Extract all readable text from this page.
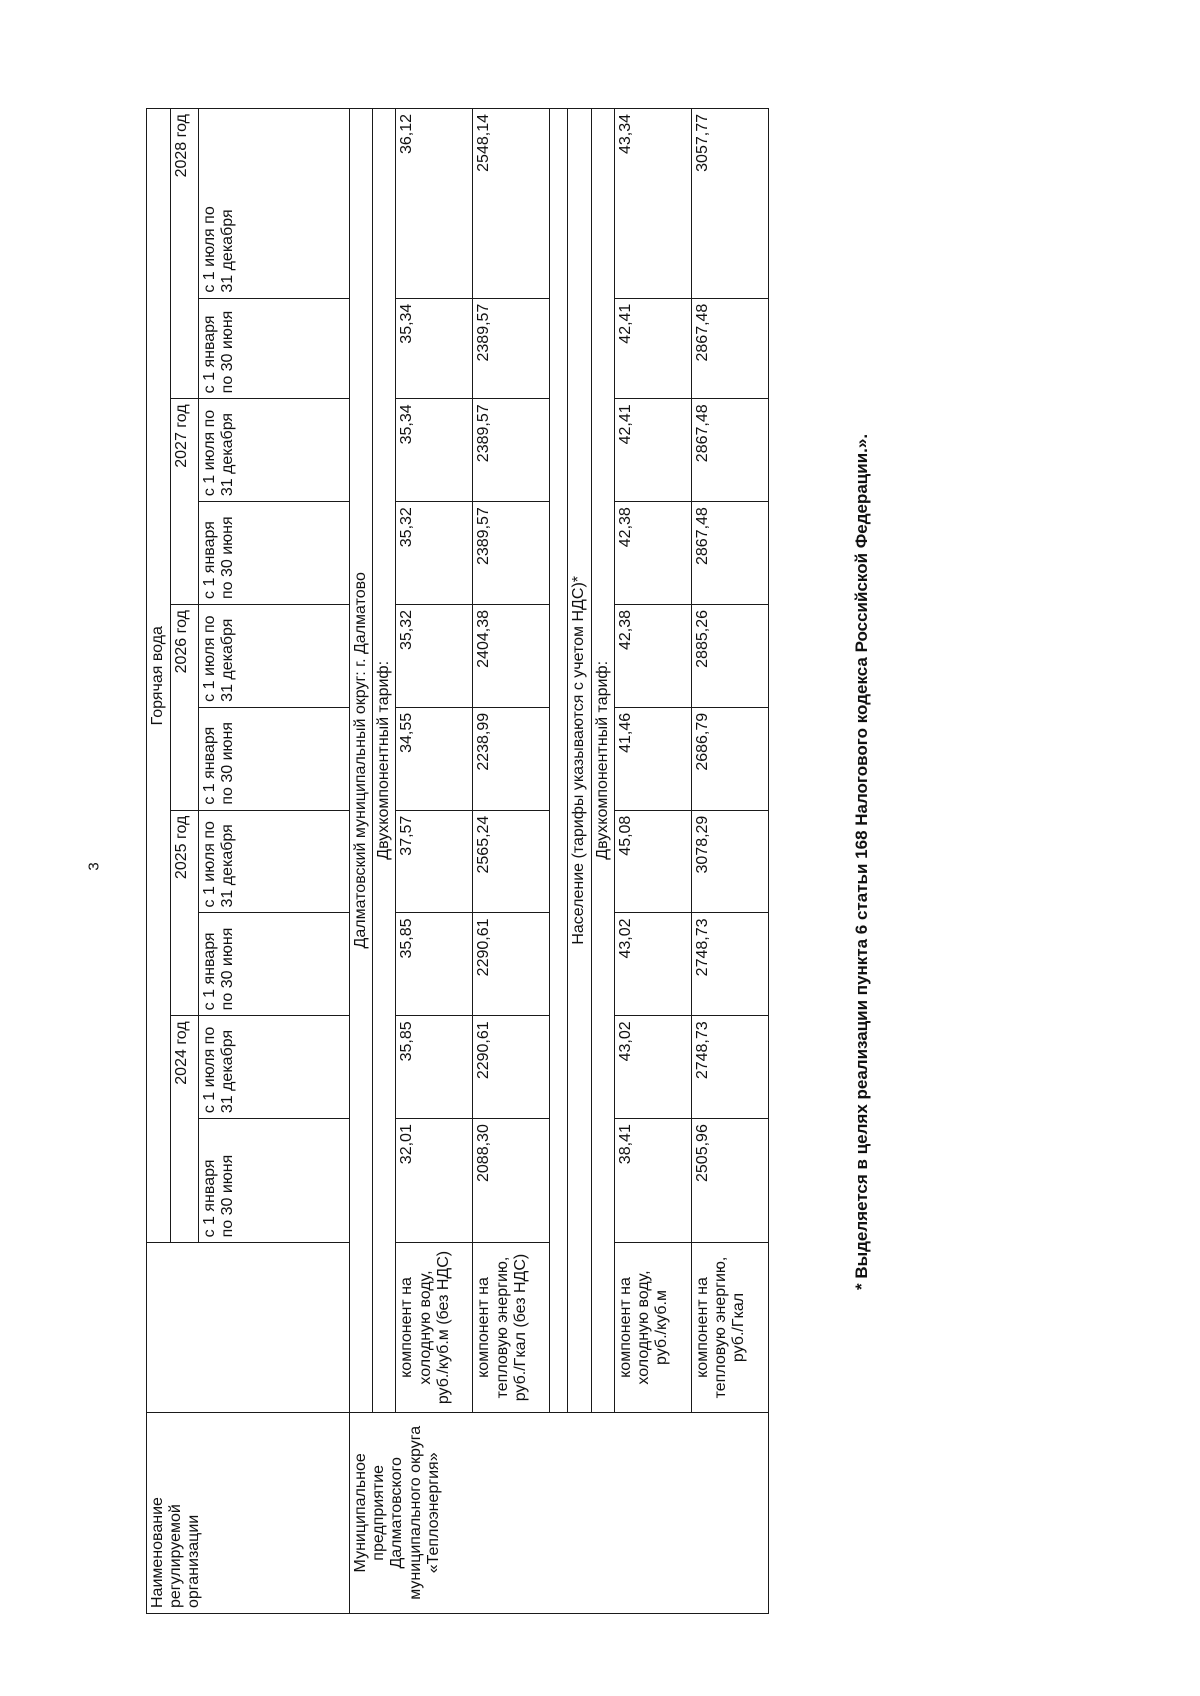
3
Наименование регулируемой организации		Горячая вода									
		2024 год		2025 год		2026 год		2027 год		2028 год	

		с 1 января по 30 июня	с 1 июля по 31 декабря	с 1 января по 30 июня	с 1 июля по 31 декабря	с 1 января по 30 июня	с 1 июля по 31 декабря	с 1 января по 30 июня	с 1 июля по 31 декабря	с 1 января по 30 июня	с 1 июля по 31 декабря

Муниципальное предприятие Далматовского муниципального округа «Теплоэнергия»	Далматовский муниципальный округ: г. Далматово										
	Двухкомпонентный тариф:										

	компонент на холодную воду, руб./куб.м (без НДС)	32,01	35,85	35,85	37,57	34,55	35,32	35,32	35,34	35,34	36,12

	компонент на тепловую энергию, руб./Гкал (без НДС)	2088,30	2290,61	2290,61	2565,24	2238,99	2404,38	2389,57	2389,57	2389,57	2548,14

	Население (тарифы указываются с учетом НДС)*										
	Двухкомпонентный тариф:										

	компонент на холодную воду, руб./куб.м	38,41	43,02	43,02	45,08	41,46	42,38	42,38	42,41	42,41	43,34

	компонент на тепловую энергию, руб./Гкал	2505,96	2748,73	2748,73	3078,29	2686,79	2885,26	2867,48	2867,48	2867,48	3057,77
* Выделяется в целях реализации пункта 6 статьи 168 Налогового кодекса Российской Федерации.».
